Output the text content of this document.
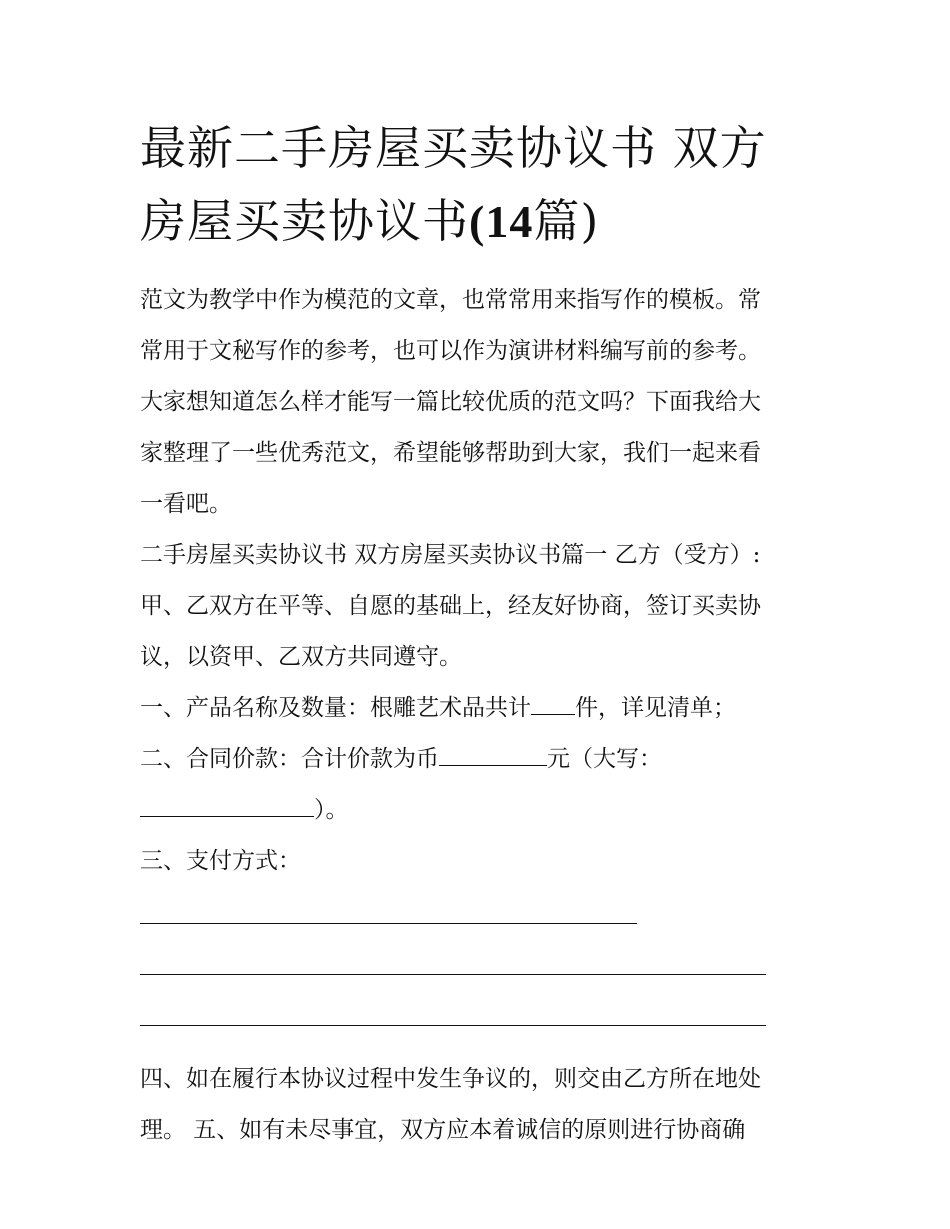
最新二手房屋买卖协议书 双方
房屋买卖协议书(14篇)
范文为教学中作为模范的文章，也常常用来指写作的模板。常
常用于文秘写作的参考，也可以作为演讲材料编写前的参考。
大家想知道怎么样才能写一篇比较优质的范文吗？下面我给大
家整理了一些优秀范文，希望能够帮助到大家，我们一起来看
一看吧。
二手房屋买卖协议书 双方房屋买卖协议书篇一 乙方（受方）:
甲、乙双方在平等、自愿的基础上，经友好协商，签订买卖协
议，以资甲、乙双方共同遵守。
一、产品名称及数量：根雕艺术品共计 件，详见清单；
二、合同价款：合计价款为币	元（大写：
）。
三、支付方式：
四、如在履行本协议过程中发生争议的，则交由乙方所在地处
理。 五、如有未尽事宜，双方应本着诚信的原则进行协商确
